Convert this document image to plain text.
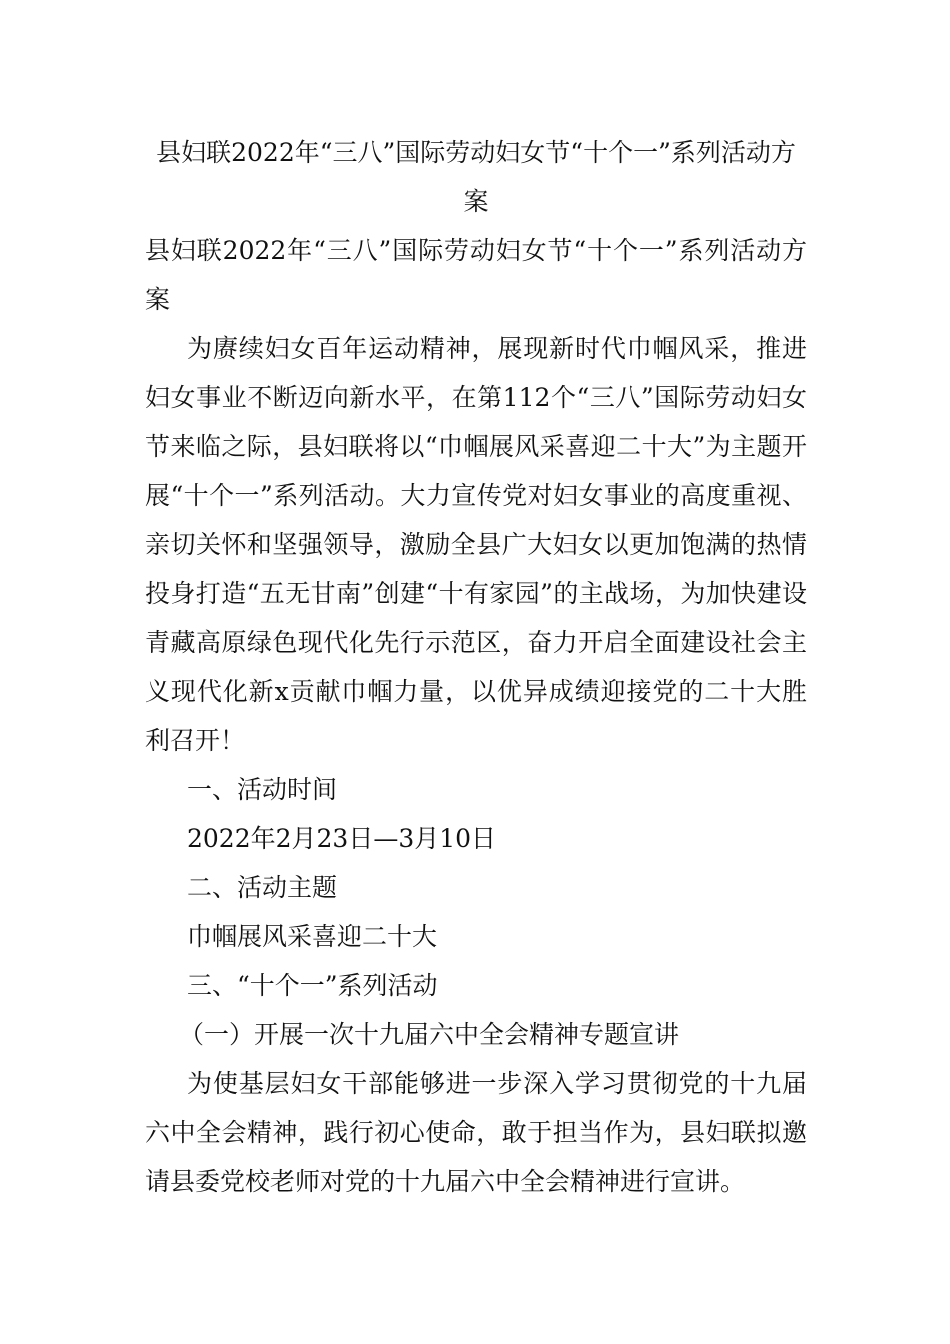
县妇联2022年“三八”国际劳动妇女节“十个一”系列活动方案

县妇联2022年“三八”国际劳动妇女节“十个一”系列活动方案

为赓续妇女百年运动精神，展现新时代巾帼风采，推进妇女事业不断迈向新水平，在第112个“三八”国际劳动妇女节来临之际，县妇联将以“巾帼展风采喜迎二十大”为主题开展“十个一”系列活动。大力宣传党对妇女事业的高度重视、亲切关怀和坚强领导，激励全县广大妇女以更加饱满的热情投身打造“五无甘南”创建“十有家园”的主战场，为加快建设青藏高原绿色现代化先行示范区，奋力开启全面建设社会主义现代化新x贡献巾帼力量，以优异成绩迎接党的二十大胜利召开！

一、活动时间

2022年2月23日—3月10日

二、活动主题

巾帼展风采喜迎二十大

三、“十个一”系列活动

（一）开展一次十九届六中全会精神专题宣讲

为使基层妇女干部能够进一步深入学习贯彻党的十九届六中全会精神，践行初心使命，敢于担当作为，县妇联拟邀请县委党校老师对党的十九届六中全会精神进行宣讲。
